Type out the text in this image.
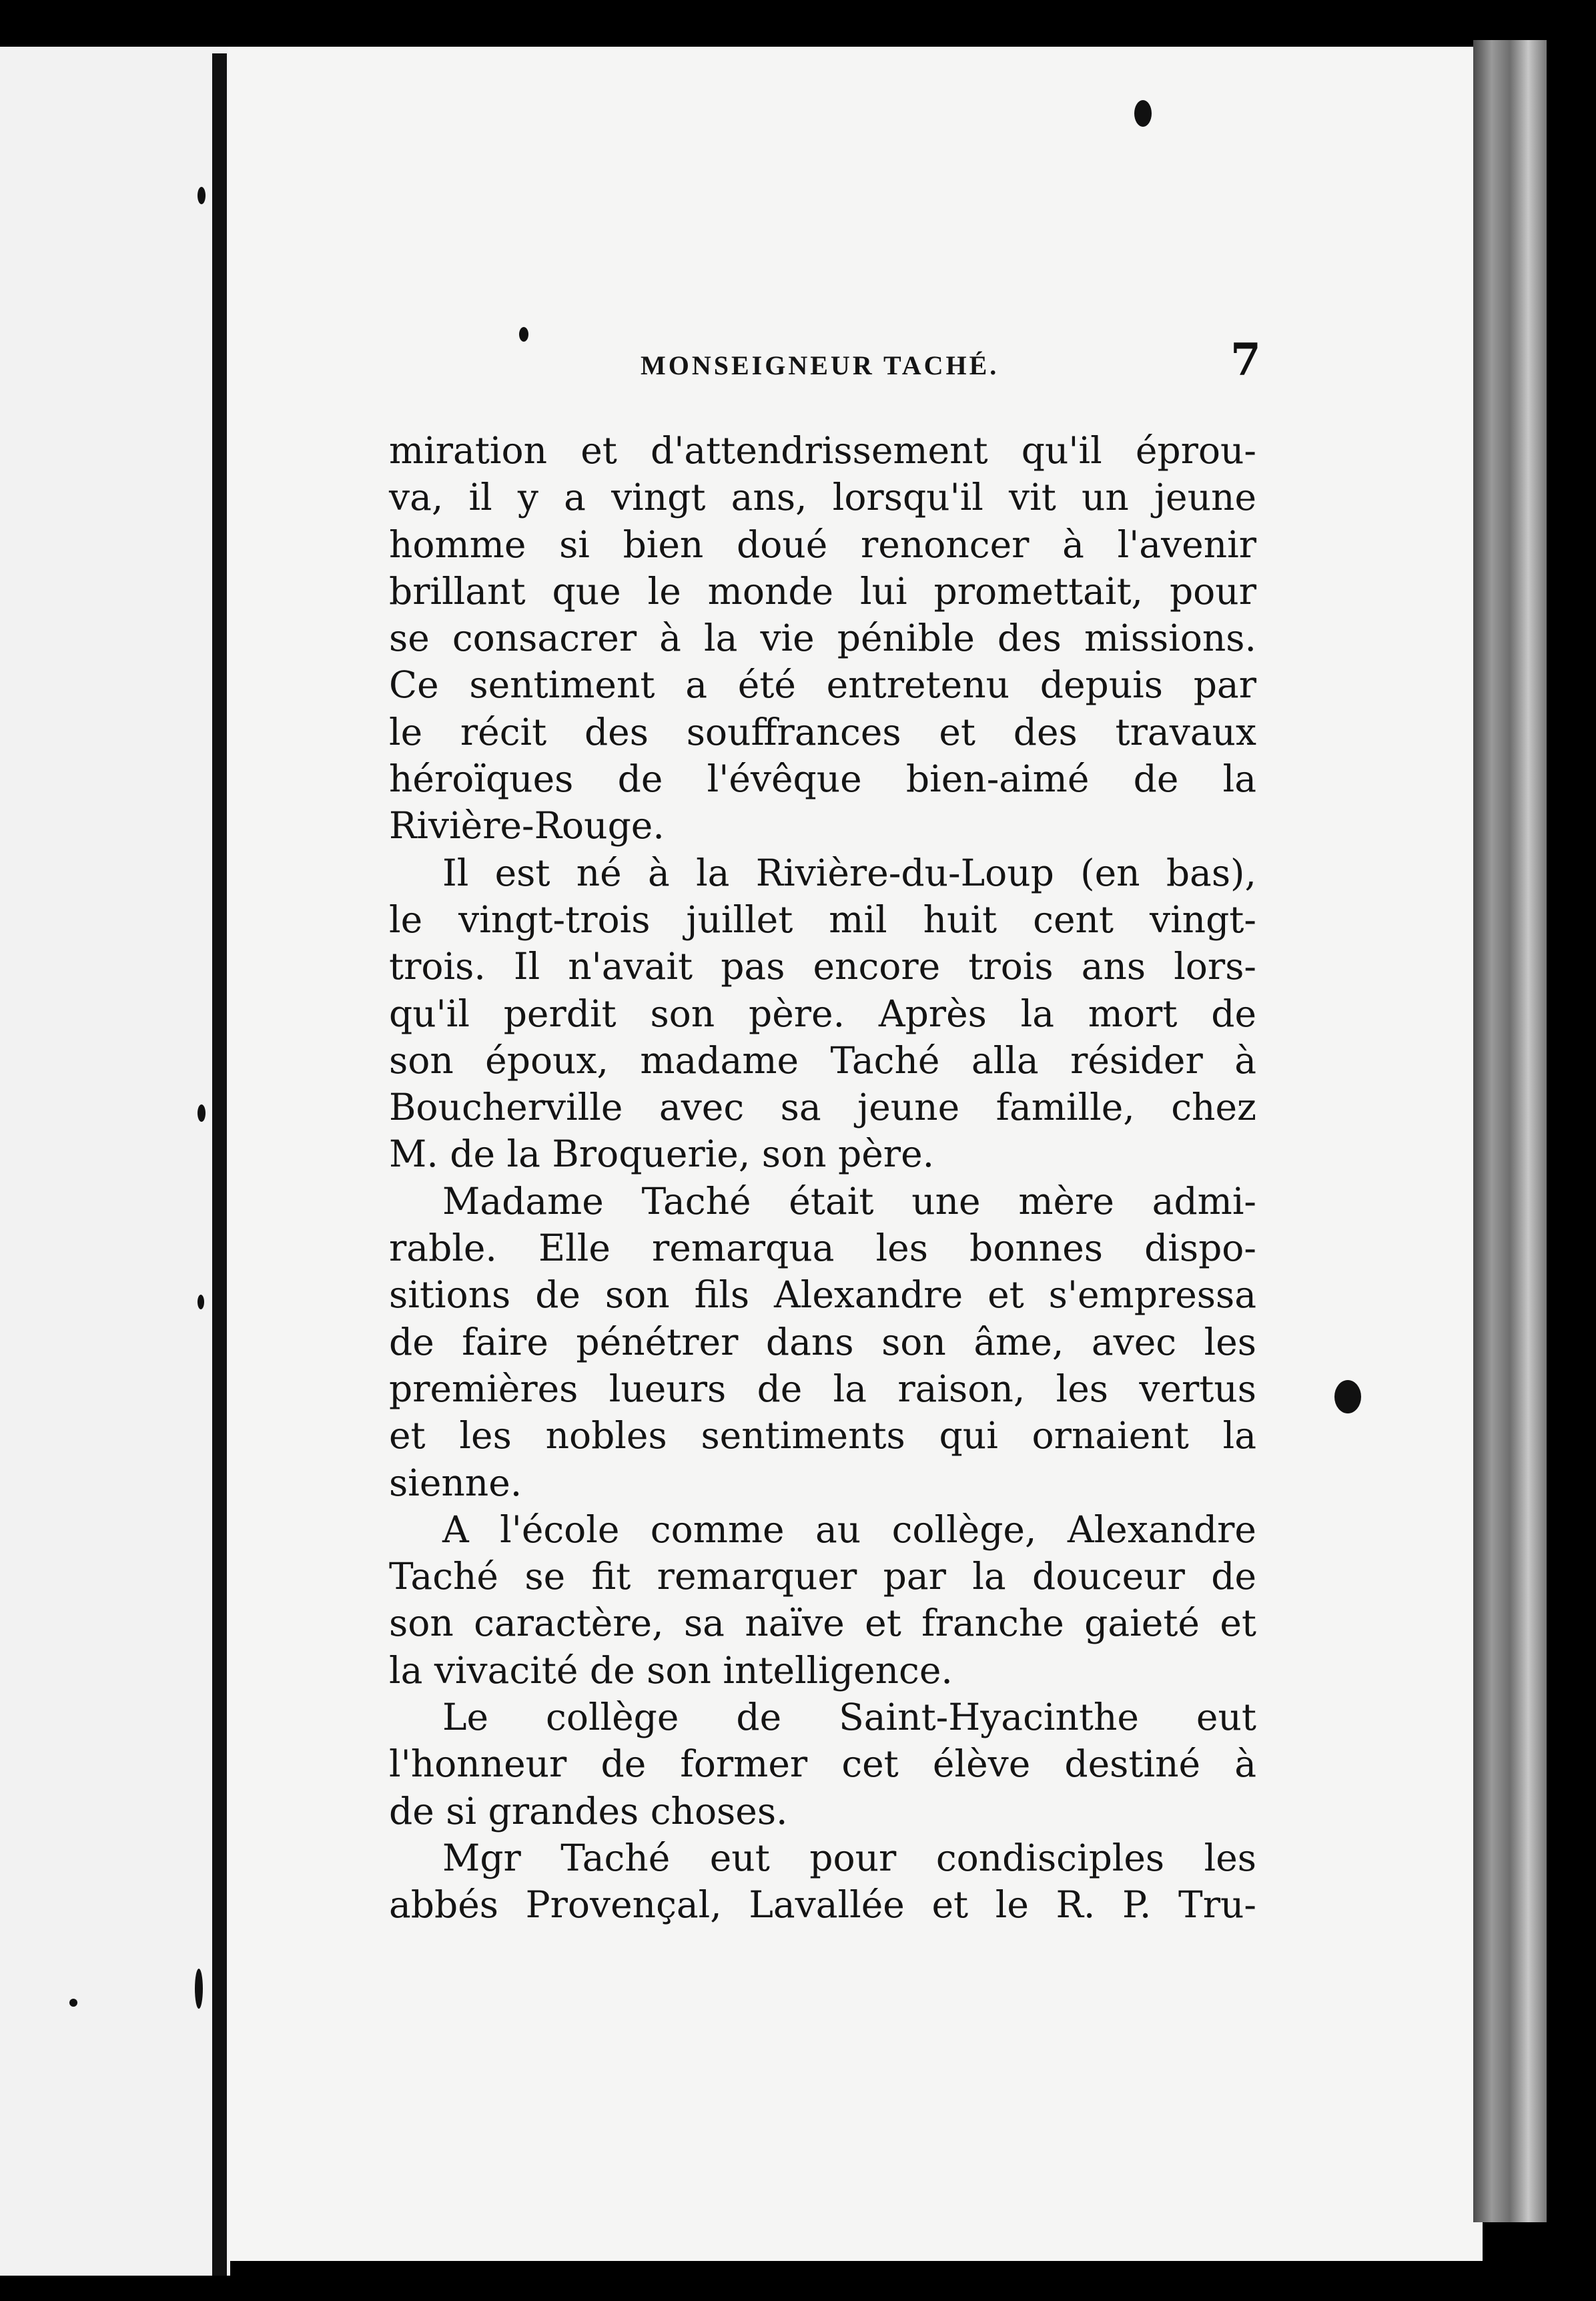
MONSEIGNEUR TACHÉ.	7
miration et d'attendrissement qu'il éprou-
va, il y a vingt ans, lorsqu'il vit un jeune
homme si bien doué renoncer à l'avenir
brillant que le monde lui promettait, pour
se consacrer à la vie pénible des missions.
Ce sentiment a été entretenu depuis par
le récit des souffrances et des travaux
héroïques de l'évêque bien-aimé de la
Rivière-Rouge.
Il est né à la Rivière-du-Loup (en bas),
le vingt-trois juillet mil huit cent vingt-
trois. Il n'avait pas encore trois ans lors-
qu'il perdit son père. Après la mort de
son époux, madame Taché alla résider à
Boucherville avec sa jeune famille, chez
M. de la Broquerie, son père.
Madame Taché était une mère admi-
rable. Elle remarqua les bonnes dispo-
sitions de son fils Alexandre et s'empressa
de faire pénétrer dans son âme, avec les
premières lueurs de la raison, les vertus
et les nobles sentiments qui ornaient la
sienne.
A l'école comme au collège, Alexandre
Taché se fit remarquer par la douceur de
son caractère, sa naïve et franche gaieté et
la vivacité de son intelligence.
Le collège de Saint-Hyacinthe eut
l'honneur de former cet élève destiné à
de si grandes choses.
Mgr Taché eut pour condisciples les
abbés Provençal, Lavallée et le R. P. Tru-
